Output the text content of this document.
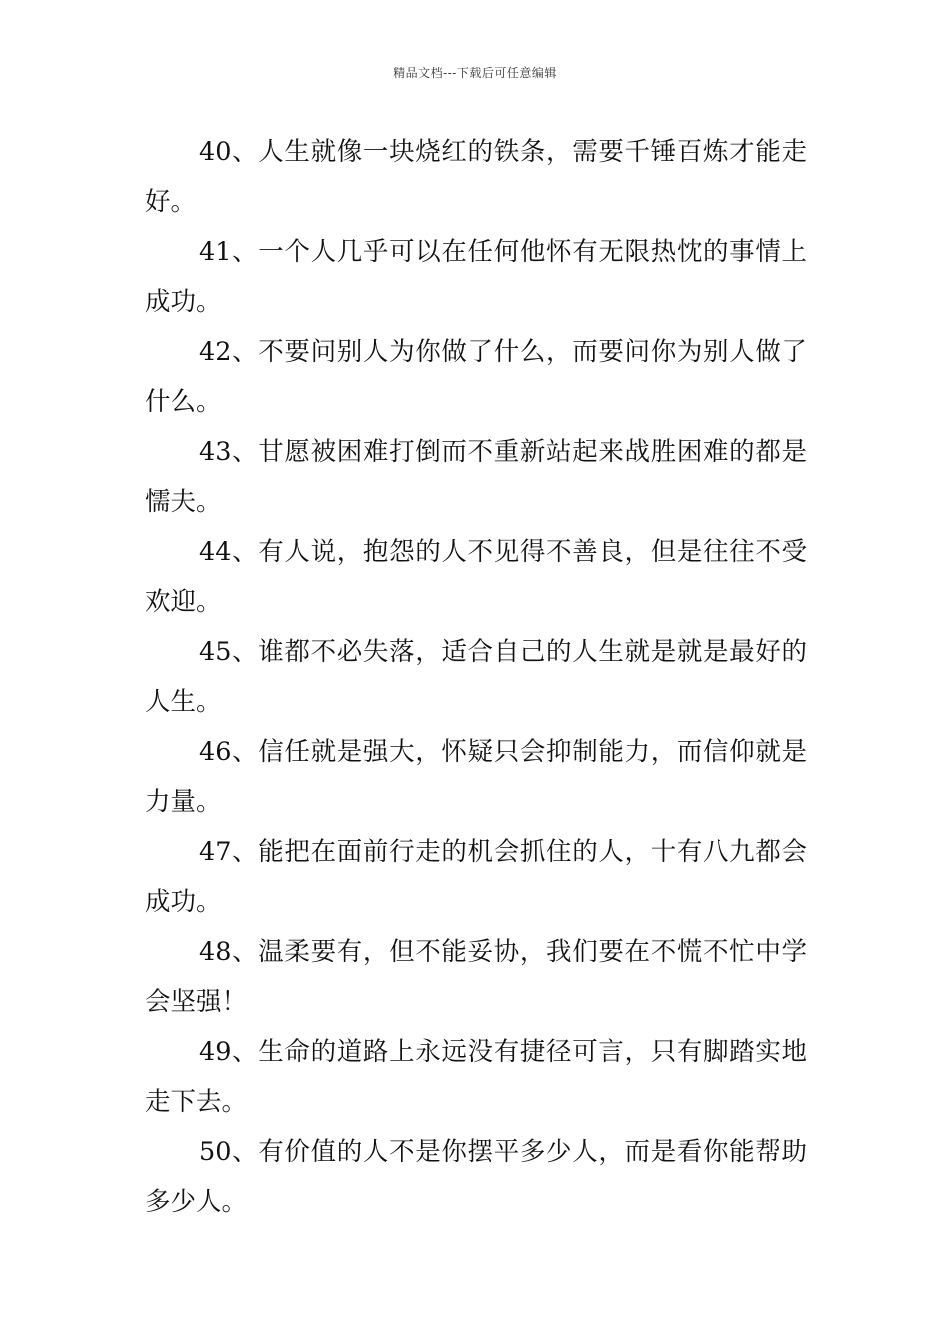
精品文档---下载后可任意编辑

40、人生就像一块烧红的铁条，需要千锤百炼才能走好。

41、一个人几乎可以在任何他怀有无限热忱的事情上成功。

42、不要问别人为你做了什么，而要问你为别人做了什么。

43、甘愿被困难打倒而不重新站起来战胜困难的都是懦夫。

44、有人说，抱怨的人不见得不善良，但是往往不受欢迎。

45、谁都不必失落，适合自己的人生就是就是最好的人生。

46、信任就是强大，怀疑只会抑制能力，而信仰就是力量。

47、能把在面前行走的机会抓住的人，十有八九都会成功。

48、温柔要有，但不能妥协，我们要在不慌不忙中学会坚强！

49、生命的道路上永远没有捷径可言，只有脚踏实地走下去。

50、有价值的人不是你摆平多少人，而是看你能帮助多少人。
